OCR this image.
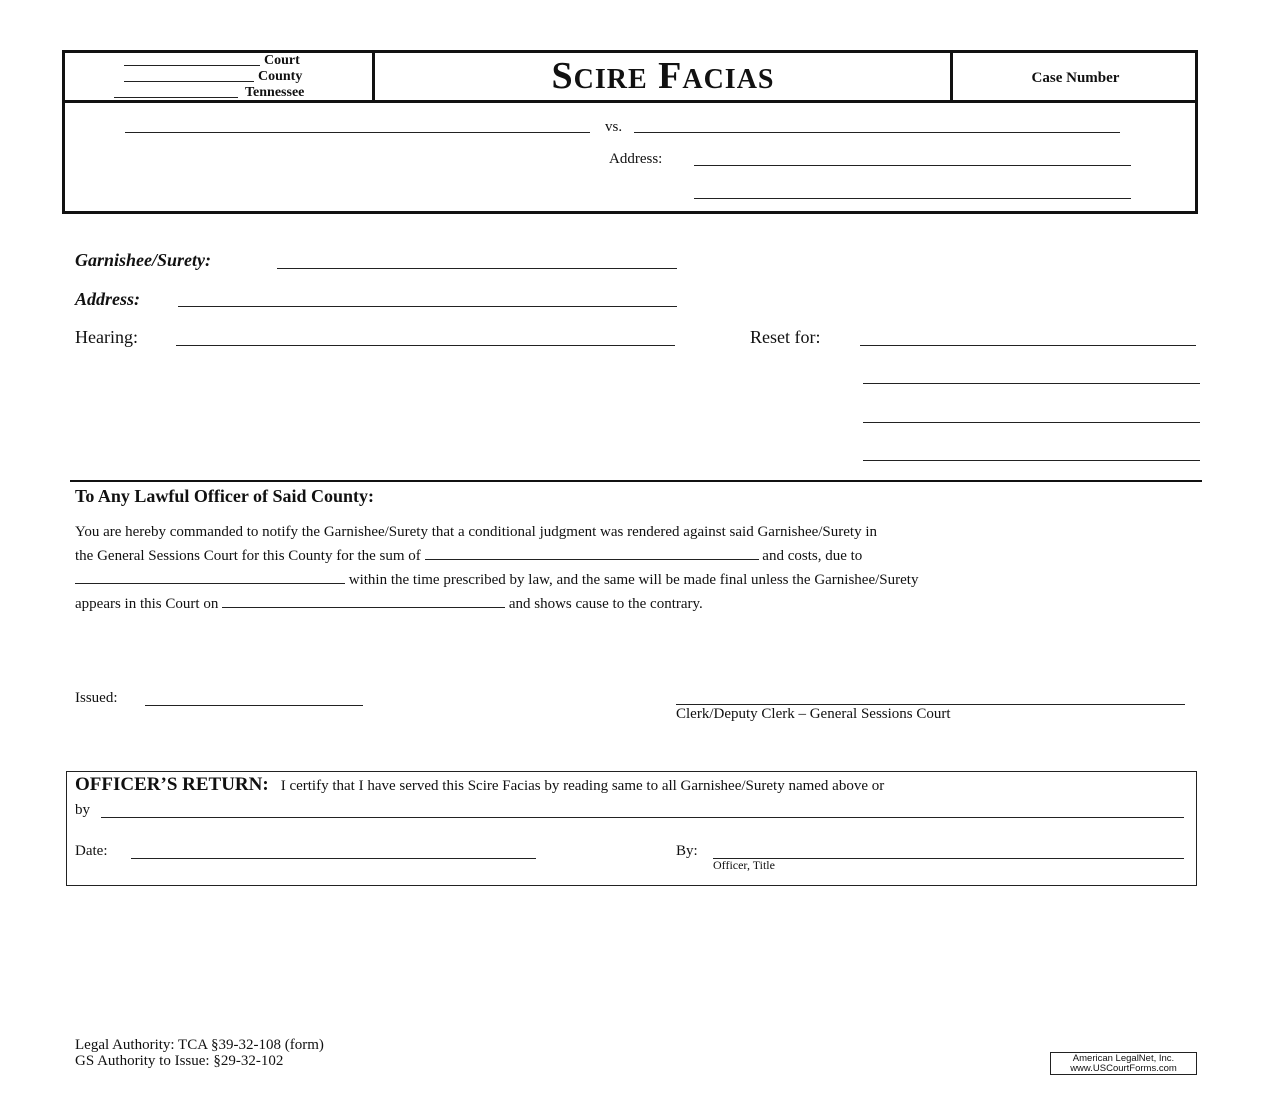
Court
County
Tennessee	SCIRE FACIAS	Case Number
vs.
Address:
Garnishee/Surety:
Address:
Hearing:	Reset for:
To Any Lawful Officer of Said County:
You are hereby commanded to notify the Garnishee/Surety that a conditional judgment was rendered against said Garnishee/Surety in
the General Sessions Court for this County for the sum of	and costs, due to
within the time prescribed by law, and the same will be made final unless the Garnishee/Surety
appears in this Court on	and shows cause to the contrary.
Issued:
Clerk/Deputy Clerk – General Sessions Court
OFFICER’S RETURN: I certify that I have served this Scire Facias by reading same to all Garnishee/Surety named above or
by
Date:	By:
Officer, Title
Legal Authority: TCA §39-32-108 (form)
GS Authority to Issue: §29-32-102	American LegalNet, Inc.
www.USCourtForms.com
